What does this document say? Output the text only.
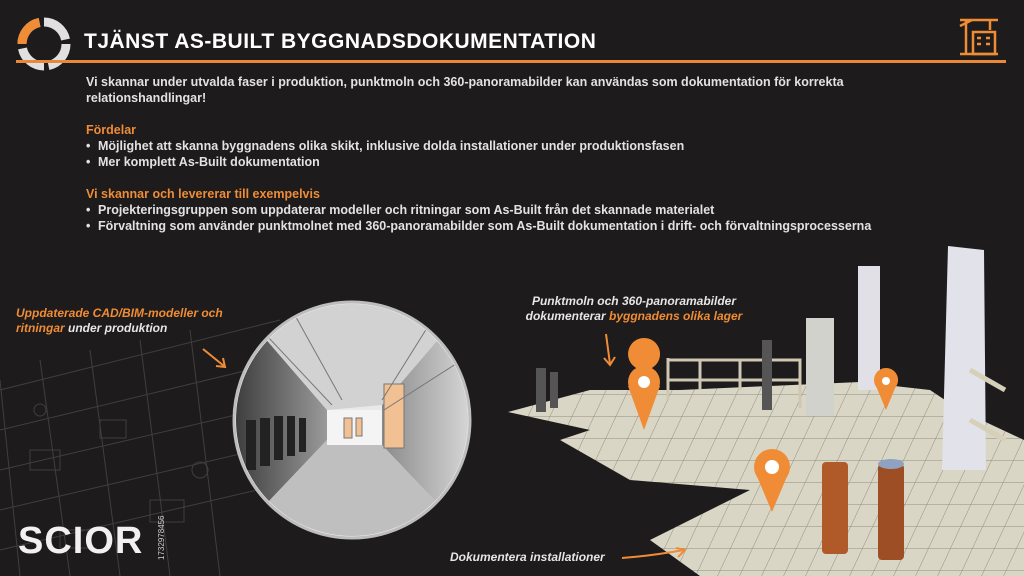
TJÄNST AS-BUILT BYGGNADSDOKUMENTATION

Vi skannar under utvalda faser i produktion, punktmoln och 360-panoramabilder kan användas som dokumentation för korrekta relationshandlingar!

Fördelar

• Möjlighet att skanna byggnadens olika skikt, inklusive dolda installationer under produktionsfasen
• Mer komplett As-Built dokumentation

Vi skannar och levererar till exempelvis

• Projekteringsgruppen som uppdaterar modeller och ritningar som As-Built från det skannade materialet
• Förvaltning som använder punktmolnet med 360-panoramabilder som As-Built dokumentation i drift- och förvaltningsprocesserna
Uppdaterade CAD/BIM-modeller och ritningar under produktion
Punktmoln och 360-panoramabilder dokumenterar byggnadens olika lager
Dokumentera installationer
SCIOR 1732978456
